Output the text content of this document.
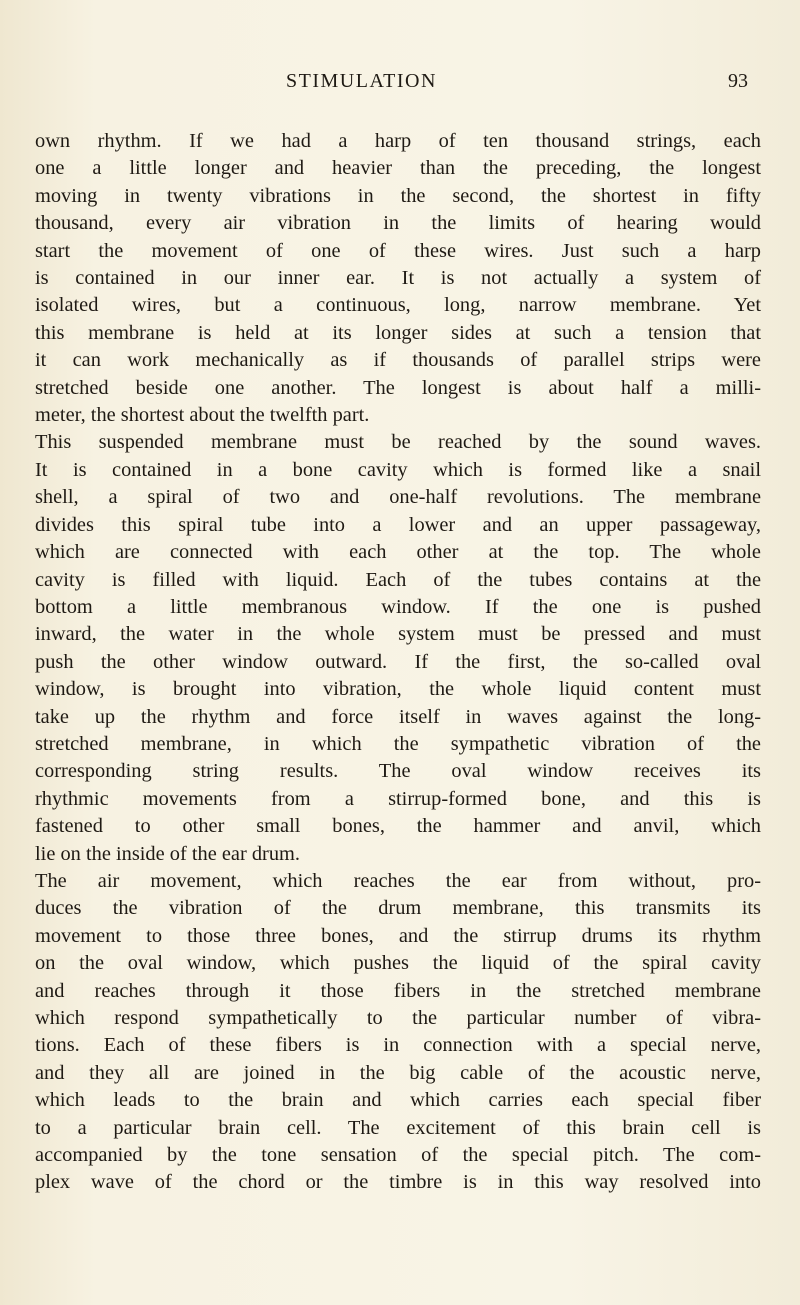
STIMULATION	93

own rhythm. If we had a harp of ten thousand strings, each
one a little longer and heavier than the preceding, the longest
moving in twenty vibrations in the second, the shortest in fifty
thousand, every air vibration in the limits of hearing would
start the movement of one of these wires. Just such a harp
is contained in our inner ear. It is not actually a system of
isolated wires, but a continuous, long, narrow membrane. Yet
this membrane is held at its longer sides at such a tension that
it can work mechanically as if thousands of parallel strips were
stretched beside one another. The longest is about half a milli-
meter, the shortest about the twelfth part.

This suspended membrane must be reached by the sound waves.
It is contained in a bone cavity which is formed like a snail
shell, a spiral of two and one-half revolutions. The membrane
divides this spiral tube into a lower and an upper passageway,
which are connected with each other at the top. The whole
cavity is filled with liquid. Each of the tubes contains at the
bottom a little membranous window. If the one is pushed
inward, the water in the whole system must be pressed and must
push the other window outward. If the first, the so-called oval
window, is brought into vibration, the whole liquid content must
take up the rhythm and force itself in waves against the long-
stretched membrane, in which the sympathetic vibration of the
corresponding string results. The oval window receives its
rhythmic movements from a stirrup-formed bone, and this is
fastened to other small bones, the hammer and anvil, which
lie on the inside of the ear drum.

The air movement, which reaches the ear from without, pro-
duces the vibration of the drum membrane, this transmits its
movement to those three bones, and the stirrup drums its rhythm
on the oval window, which pushes the liquid of the spiral cavity
and reaches through it those fibers in the stretched membrane
which respond sympathetically to the particular number of vibra-
tions. Each of these fibers is in connection with a special nerve,
and they all are joined in the big cable of the acoustic nerve,
which leads to the brain and which carries each special fiber
to a particular brain cell. The excitement of this brain cell is
accompanied by the tone sensation of the special pitch. The com-
plex wave of the chord or the timbre is in this way resolved into
